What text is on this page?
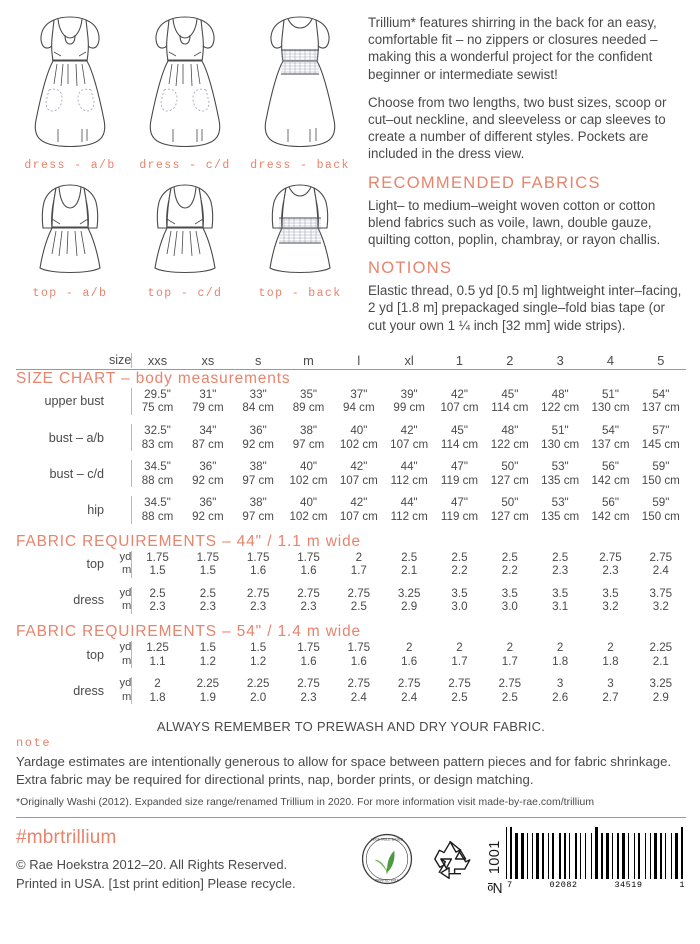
dress - a/b	dress - c/d	dress - back
top - a/b	top - c/d	top - back

Trillium* features shirring in the back for an easy, comfortable fit – no zippers or closures needed – making this a wonderful project for the confident beginner or intermediate sewist!

Choose from two lengths, two bust sizes, scoop or cut–out neckline, and sleeveless or cap sleeves to create a number of different styles. Pockets are included in the dress view.

RECOMMENDED FABRICS

Light– to medium–weight woven cotton or cotton blend fabrics such as voile, lawn, double gauze, quilting cotton, poplin, chambray, or rayon challis.

NOTIONS

Elastic thread, 0.5 yd [0.5 m] lightweight inter–facing, 2 yd [1.8 m] prepackaged single–fold bias tape (or cut your own 1 ¼ inch [32 mm] wide strips).

size		xxs	xs	s	m	l	xl	1	2	3	4	5

SIZE CHART – body measurements												
upper bust		29.5"	31"	33"	35"	37"	39"	42"	45"	48"	51"	54"
		75 cm	79 cm	84 cm	89 cm	94 cm	99 cm	107 cm	114 cm	122 cm	130 cm	137 cm

bust – a/b		32.5"	34"	36"	38"	40"	42"	45"	48"	51"	54"	57"
		83 cm	87 cm	92 cm	97 cm	102 cm	107 cm	114 cm	122 cm	130 cm	137 cm	145 cm

bust – c/d		34.5"	36"	38"	40"	42"	44"	47"	50"	53"	56"	59"
		88 cm	92 cm	97 cm	102 cm	107 cm	112 cm	119 cm	127 cm	135 cm	142 cm	150 cm

hip		34.5"	36"	38"	40"	42"	44"	47"	50"	53"	56"	59"
		88 cm	92 cm	97 cm	102 cm	107 cm	112 cm	119 cm	127 cm	135 cm	142 cm	150 cm

FABRIC REQUIREMENTS – 44" / 1.1 m wide												
top	yd	1.75	1.75	1.75	1.75	2	2.5	2.5	2.5	2.5	2.75	2.75
	m	1.5	1.5	1.6	1.6	1.7	2.1	2.2	2.2	2.3	2.3	2.4

dress	yd	2.5	2.5	2.75	2.75	2.75	3.25	3.5	3.5	3.5	3.5	3.75
	m	2.3	2.3	2.3	2.3	2.5	2.9	3.0	3.0	3.1	3.2	3.2

FABRIC REQUIREMENTS – 54" / 1.4 m wide												
top	yd	1.25	1.5	1.5	1.75	1.75	2	2	2	2	2	2.25
	m	1.1	1.2	1.2	1.6	1.6	1.6	1.7	1.7	1.8	1.8	2.1

dress	yd	2	2.25	2.25	2.75	2.75	2.75	2.75	2.75	3	3	3.25
	m	1.8	1.9	2.0	2.3	2.4	2.4	2.5	2.5	2.6	2.7	2.9

ALWAYS REMEMBER TO PREWASH AND DRY YOUR FABRIC.
note

Yardage estimates are intentionally generous to allow for space between pattern pieces and for fabric shrinkage. Extra fabric may be required for directional prints, nap, border prints, or design matching.

*Originally Washi (2012). Expanded size range/renamed Trillium in 2020. For more information visit made-by-rae.com/trillium
#mbrtrillium
© Rae Hoekstra 2012–20. All Rights Reserved.
Printed in USA. [1st print edition] Please recycle.
VEGETABLE-BASED
PRINTED WITH	№ 1001 7	02082	34519	1
